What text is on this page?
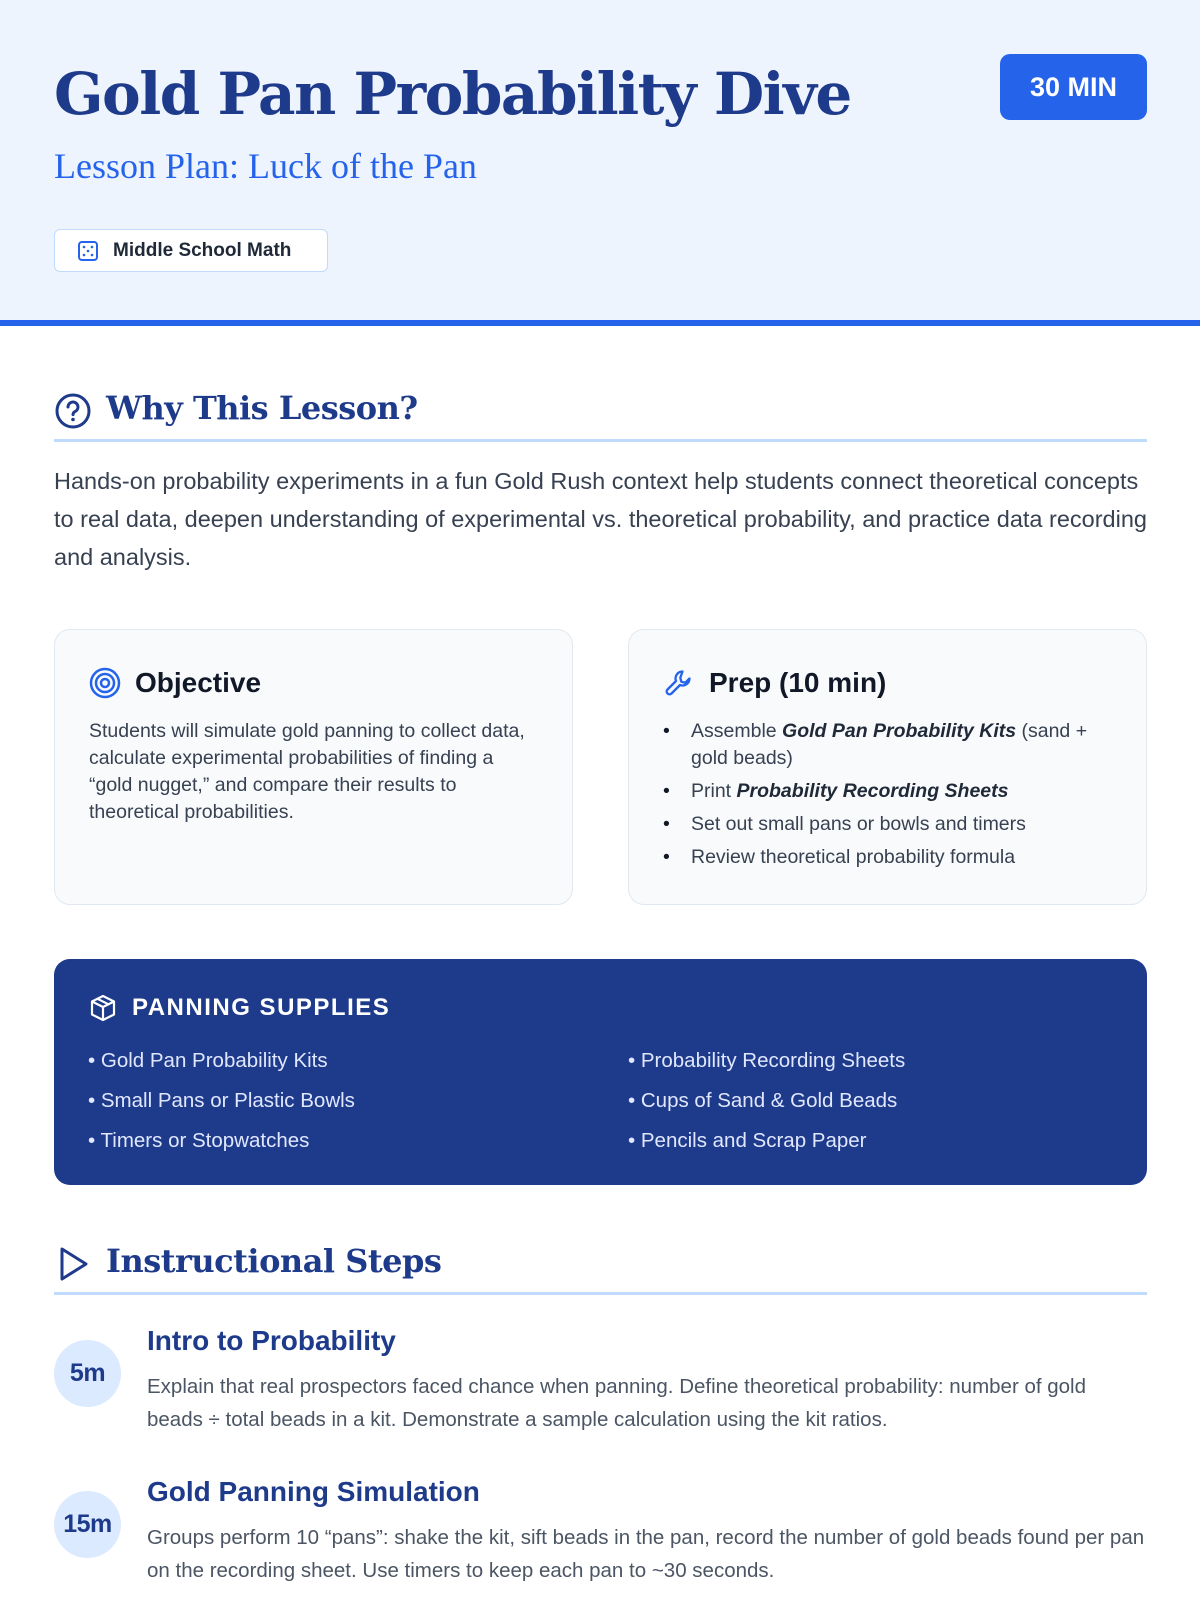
Gold Pan Probability Dive
Lesson Plan: Luck of the Pan
30 MIN
Middle School Math
Why This Lesson?

Hands-on probability experiments in a fun Gold Rush context help students connect theoretical concepts to real data, deepen understanding of experimental vs. theoretical probability, and practice data recording and analysis.

Objective

Students will simulate gold panning to collect data, calculate experimental probabilities of finding a “gold nugget,” and compare their results to theoretical probabilities.

Prep (10 min)
• Assemble Gold Pan Probability Kits (sand + gold beads)
• Print Probability Recording Sheets
• Set out small pans or bowls and timers
• Review theoretical probability formula
PANNING SUPPLIES
• Gold Pan Probability Kits	• Probability Recording Sheets
• Small Pans or Plastic Bowls	• Cups of Sand & Gold Beads
• Timers or Stopwatches	• Pencils and Scrap Paper
Instructional Steps
5m
Intro to Probability

Explain that real prospectors faced chance when panning. Define theoretical probability: number of gold beads ÷ total beads in a kit. Demonstrate a sample calculation using the kit ratios.

15m
Gold Panning Simulation

Groups perform 10 “pans”: shake the kit, sift beads in the pan, record the number of gold beads found per pan on the recording sheet. Use timers to keep each pan to ~30 seconds.
